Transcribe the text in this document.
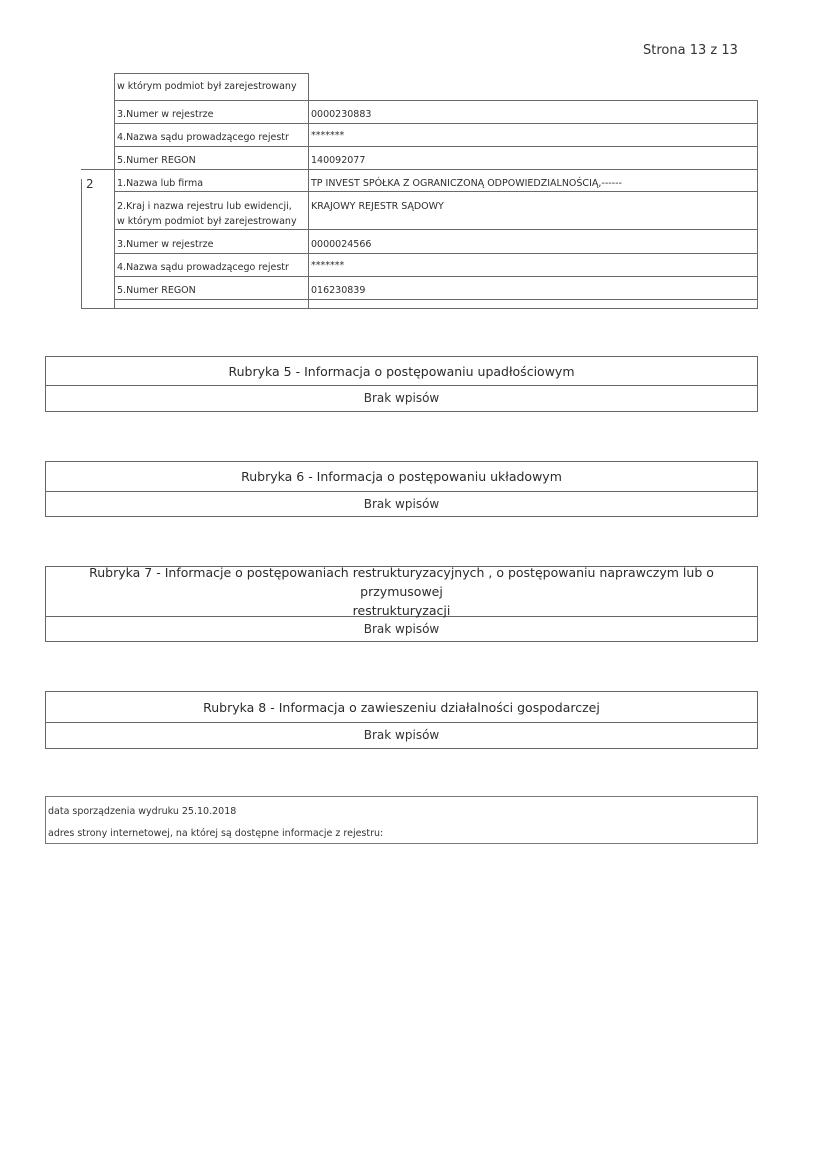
Strona 13 z 13
w którym podmiot był zarejestrowany
3.Numer w rejestrze	0000230883
4.Nazwa sądu prowadzącego rejestr *******
5.Numer REGON	140092077
2 1.Nazwa lub firma	TP INVEST SPÓŁKA Z OGRANICZONĄ ODPOWIEDZIALNOŚCIĄ,------
2.Kraj i nazwa rejestru lub ewidencji,
w którym podmiot był zarejestrowany
KRAJOWY REJESTR SĄDOWY
3.Numer w rejestrze	0000024566
4.Nazwa sądu prowadzącego rejestr *******
5.Numer REGON	016230839
Rubryka 5 - Informacja o postępowaniu upadłościowym
Brak wpisów
Rubryka 6 - Informacja o postępowaniu układowym
Brak wpisów
Rubryka 7 - Informacje o postępowaniach restrukturyzacyjnych , o postępowaniu naprawczym lub o przymusowej
restrukturyzacji
Brak wpisów
Rubryka 8 - Informacja o zawieszeniu działalności gospodarczej
Brak wpisów
data sporządzenia wydruku 25.10.2018
adres strony internetowej, na której są dostępne informacje z rejestru:
